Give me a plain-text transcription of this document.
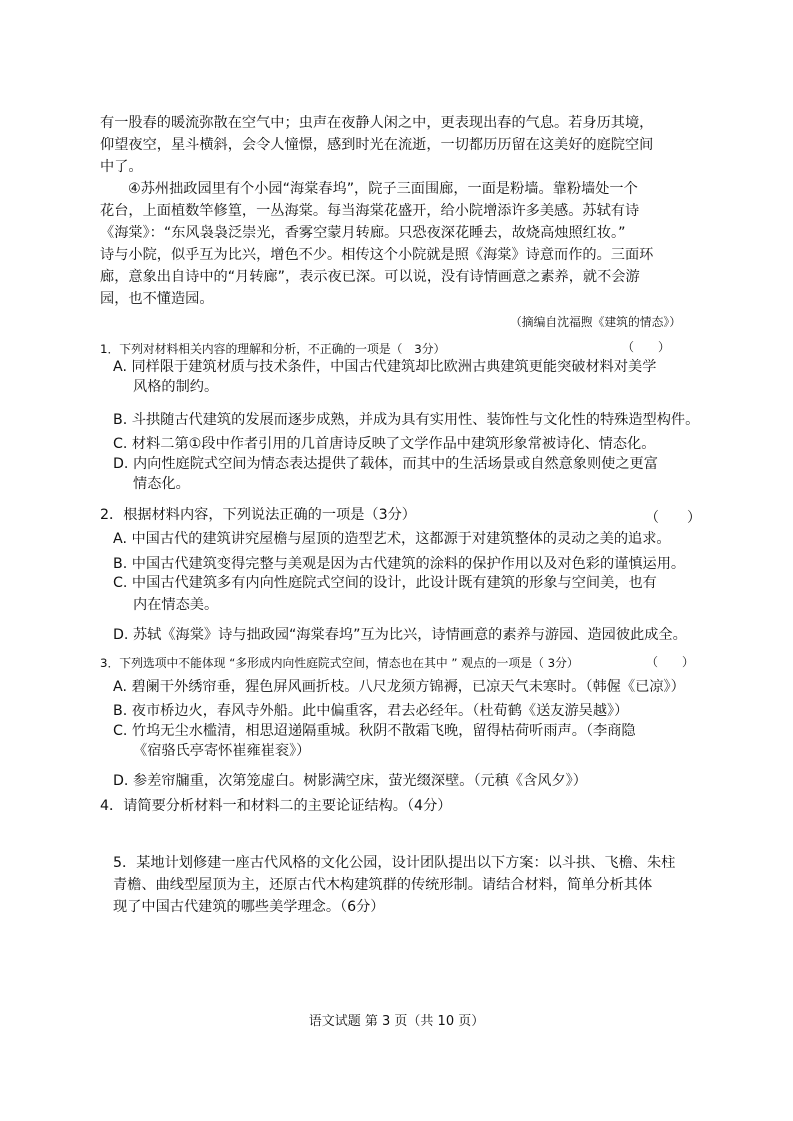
有一股春的暖流弥散在空气中；虫声在夜静人闲之中，更表现出春的气息。若身历其境，
仰望夜空，星斗横斜，会令人憧憬，感到时光在流逝，一切都历历留在这美好的庭院空间
中了。
④苏州拙政园里有个小园“海棠春坞”，院子三面围廊，一面是粉墙。靠粉墙处一个
花台，上面植数竿修篁，一丛海棠。每当海棠花盛开，给小院增添许多美感。苏轼有诗
《海棠》：“东风袅袅泛崇光，香雾空蒙月转廊。只恐夜深花睡去，故烧高烛照红妆。”
诗与小院，似乎互为比兴，增色不少。相传这个小院就是照《海棠》诗意而作的。三面环
廊，意象出自诗中的“月转廊”，表示夜已深。可以说，没有诗情画意之素养，就不会游
园，也不懂造园。
（摘编自沈福煦《建筑的情态》）
1．下列对材料相关内容的理解和分析，不正确的一项是（　3分）	（　　）
A. 同样限于建筑材质与技术条件，中国古代建筑却比欧洲古典建筑更能突破材料对美学
风格的制约。
B. 斗拱随古代建筑的发展而逐步成熟，并成为具有实用性、装饰性与文化性的特殊造型构件。
C. 材料二第①段中作者引用的几首唐诗反映了文学作品中建筑形象常被诗化、情态化。
D. 内向性庭院式空间为情态表达提供了载体，而其中的生活场景或自然意象则使之更富
情态化。
2．根据材料内容，下列说法正确的一项是（3分）	（　　）
A. 中国古代的建筑讲究屋檐与屋顶的造型艺术，这都源于对建筑整体的灵动之美的追求。
B. 中国古代建筑变得完整与美观是因为古代建筑的涂料的保护作用以及对色彩的谨慎运用。
C. 中国古代建筑多有内向性庭院式空间的设计，此设计既有建筑的形象与空间美，也有
内在情态美。
D. 苏轼《海棠》诗与拙政园“海棠春坞”互为比兴，诗情画意的素养与游园、造园彼此成全。
3．下列选项中不能体现 “多形成内向性庭院式空间，情态也在其中 ” 观点的一项是（ 3分）	（　　）
A. 碧阑干外绣帘垂，猩色屏风画折枝。八尺龙须方锦褥，已凉天气未寒时。（韩偓《已凉》）
B. 夜市桥边火，春风寺外船。此中偏重客，君去必经年。（杜荀鹤《送友游吴越》）
C. 竹坞无尘水槛清，相思迢递隔重城。秋阴不散霜飞晚，留得枯荷听雨声。（李商隐
《宿骆氏亭寄怀崔雍崔衮》）
D. 参差帘牖重，次第笼虚白。树影满空床，萤光缀深壁。（元稹《含风夕》）
4．请简要分析材料一和材料二的主要论证结构。（4分）
5．某地计划修建一座古代风格的文化公园，设计团队提出以下方案：以斗拱、飞檐、朱柱
青檐、曲线型屋顶为主，还原古代木构建筑群的传统形制。请结合材料，简单分析其体
现了中国古代建筑的哪些美学理念。（6分）
语文试题 第 3 页（共 10 页）
